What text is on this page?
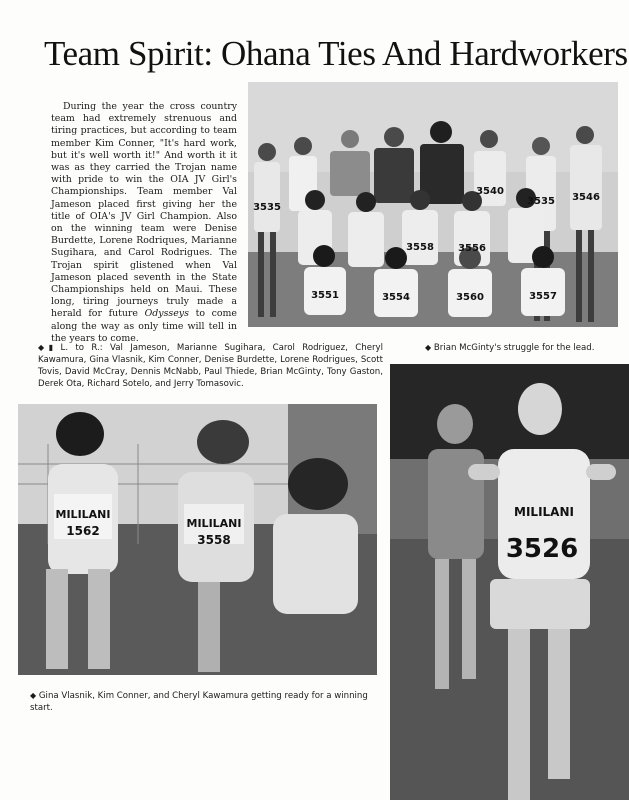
Team Spirit: Ohana Ties And Hardworkers

During the year the cross country team had extremely strenuous and tiring practices, but according to team member Kim Conner, "It's hard work, but it's well worth it!" And worth it it was as they carried the Trojan name with pride to win the OIA JV Girl's Championships. Team member Val Jameson placed first giving her the title of OIA's JV Girl Champion. Also on the winning team were Denise Burdette, Lorene Rodriques, Marianne Sugihara, and Carol Rodrigues. The Trojan spirit glistened when Val Jameson placed seventh in the State Championships held on Maui. These long, tiring journeys truly made a herald for future Odysseys to come along the way as only time will tell in the years to come.

3535
3540
3535 3546
3558 3556
3551	3554	3560	3557

◆▮ L. to R.: Val Jameson, Marianne Sugihara, Carol Rodriguez, Cheryl Kawamura, Gina Vlasnik, Kim Conner, Denise Burdette, Lorene Rodrigues, Scott Tovis, David McCray, Dennis McNabb, Paul Thiede, Brian McGinty, Tony Gaston, Derek Ota, Richard Sotelo, and Jerry Tomasovic.

◆ Brian McGinty's struggle for the lead.

MILILANI
1562
MILILANI
3558
MILILANI
3526

◆ Gina Vlasnik, Kim Conner, and Cheryl Kawamura getting ready for a winning start.
